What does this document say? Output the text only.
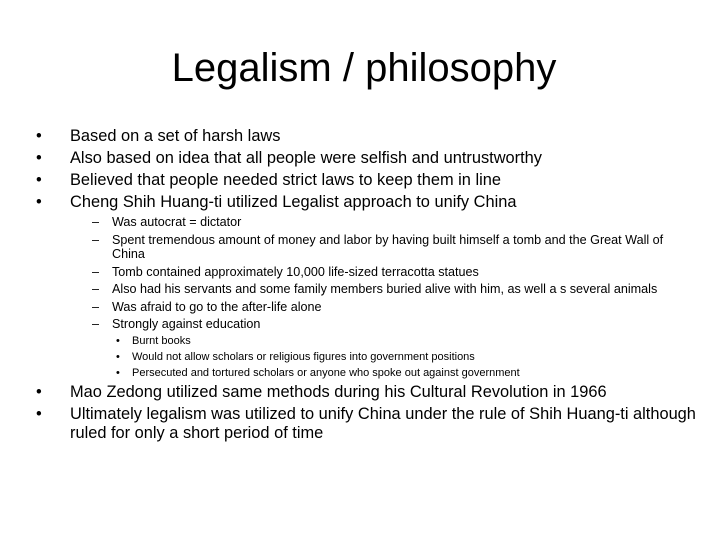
Legalism / philosophy
•	Based on a set of harsh laws
•	Also based on idea that all people were selfish and untrustworthy
•	Believed that people needed strict laws to keep them in line
•	Cheng Shih Huang-ti utilized Legalist approach to unify China
– Was autocrat = dictator
– Spent tremendous amount of money and labor by having built himself a tomb and the Great Wall of China
– Tomb contained approximately 10,000 life-sized terracotta statues
– Also had his servants and some family members buried alive with him, as well a s several animals
– Was afraid to go to the after-life alone
– Strongly against education
• Burnt books
• Would not allow scholars or religious figures into government positions
• Persecuted and tortured scholars or anyone who spoke out against government
•	Mao Zedong utilized same methods during his Cultural Revolution in 1966
•	Ultimately legalism was utilized to unify China under the rule of Shih Huang-ti although ruled for only a short period of time
